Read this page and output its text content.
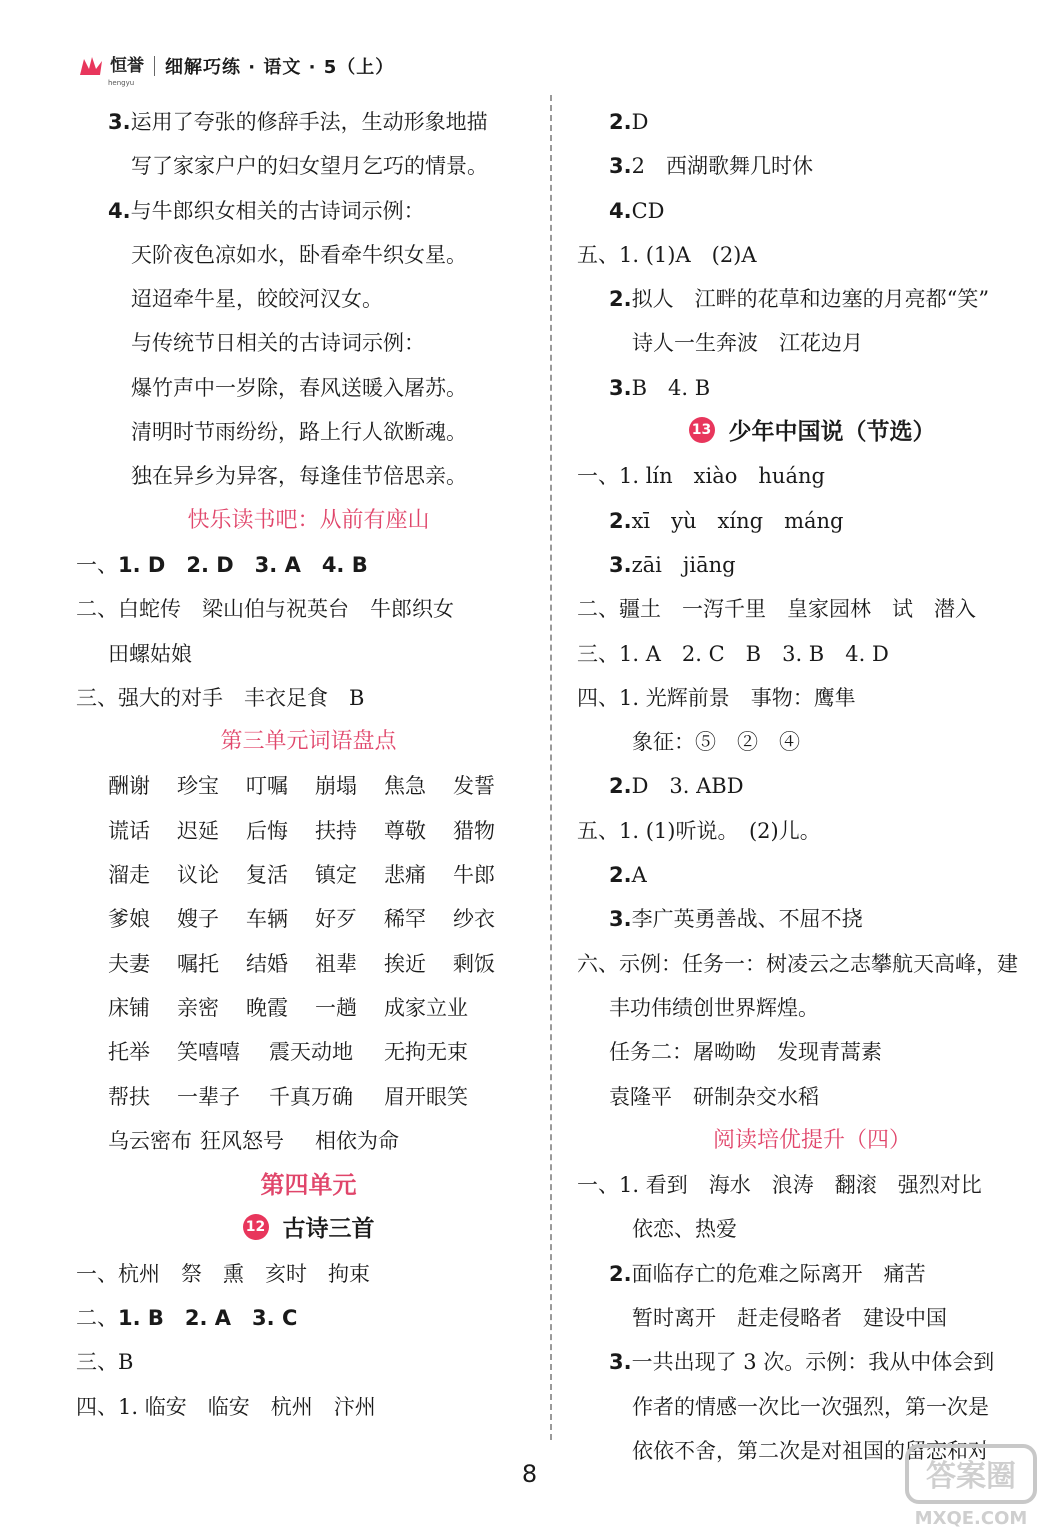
恒誉
hengyu
细解巧练 · 语文 · 5（上）
3.运用了夸张的修辞手法，生动形象地描
写了家家户户的妇女望月乞巧的情景。
4.与牛郎织女相关的古诗词示例：
天阶夜色凉如水，卧看牵牛织女星。
迢迢牵牛星，皎皎河汉女。
与传统节日相关的古诗词示例：
爆竹声中一岁除，春风送暖入屠苏。
清明时节雨纷纷，路上行人欲断魂。
独在异乡为异客，每逢佳节倍思亲。
快乐读书吧：从前有座山
一、1. D　2. D　3. A　4. B
二、白蛇传　梁山伯与祝英台　牛郎织女
田螺姑娘
三、强大的对手　丰衣足食　B
第三单元词语盘点
酬谢	珍宝	叮嘱	崩塌	焦急	发誓
谎话	迟延	后悔	扶持	尊敬	猎物
溜走	议论	复活	镇定	悲痛	牛郎
爹娘	嫂子	车辆	好歹	稀罕	纱衣
夫妻	嘱托	结婚	祖辈	挨近	剩饭
床铺	亲密	晚霞	一趟	成家立业
托举	笑嘻嘻	震天动地	无拘无束
帮扶	一辈子	千真万确	眉开眼笑
乌云密布 狂风怒号	相依为命
第四单元
12 古诗三首
一、杭州　祭　熏　亥时　拘束
二、1. B　2. A　3. C
三、B
四、1. 临安　临安　杭州　汴州
2.D
3.2　西湖歌舞几时休
4.CD
五、1. (1)A　(2)A
2.拟人　江畔的花草和边塞的月亮都“笑”
诗人一生奔波　江花边月
3.B　4. B
13 少年中国说（节选）
一、1. lín　xiào　huáng
2.xī　yù　xíng　máng
3.zāi　jiāng
二、疆土　一泻千里　皇家园林　试　潜入
三、1. A　2. C　B　3. B　4. D
四、1. 光辉前景　事物：鹰隼
象征：⑤　②　④
2.D　3. ABD
五、1. (1)听说。　(2)儿。
2.A
3.李广英勇善战、不屈不挠
六、示例：任务一：树凌云之志攀航天高峰，建
丰功伟绩创世界辉煌。
任务二：屠呦呦　发现青蒿素
袁隆平　研制杂交水稻
阅读培优提升（四）
一、1. 看到　海水　浪涛　翻滚　强烈对比
依恋、热爱
2.面临存亡的危难之际离开　痛苦
暂时离开　赶走侵略者　建设中国
3.一共出现了 3 次。示例：我从中体会到
作者的情感一次比一次强烈，第一次是
依依不舍，第二次是对祖国的留恋和对
8	答案圈
MXQE.COM
